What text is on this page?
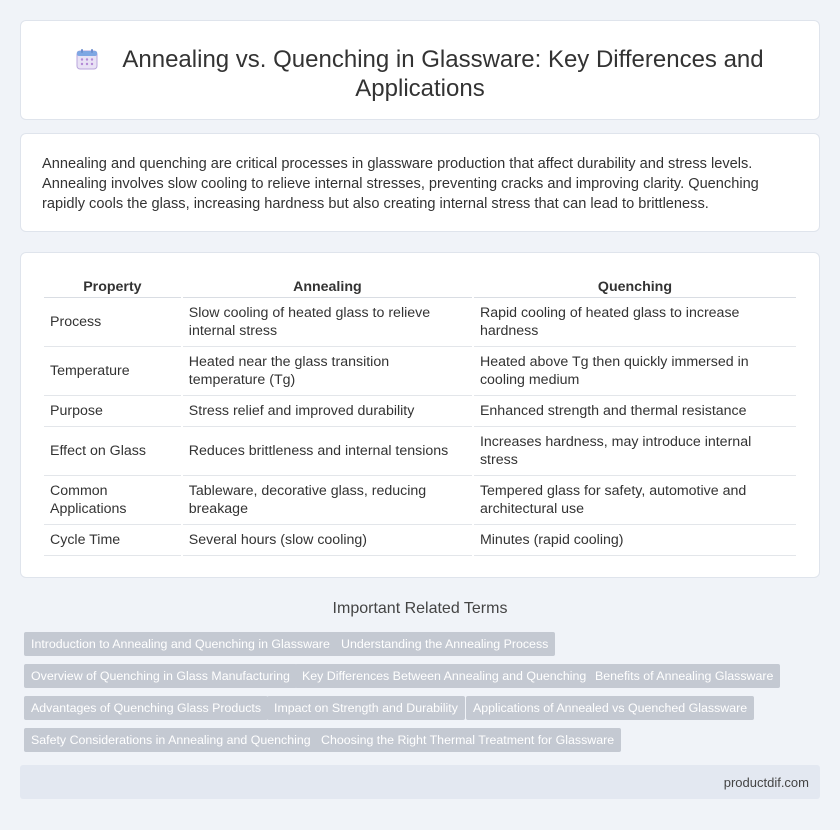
Annealing vs. Quenching in Glassware: Key Differences and Applications

Annealing and quenching are critical processes in glassware production that affect durability and stress levels. Annealing involves slow cooling to relieve internal stresses, preventing cracks and improving clarity. Quenching rapidly cools the glass, increasing hardness but also creating internal stress that can lead to brittleness.

Property	Annealing	Quenching
Process	Slow cooling of heated glass to relieve internal stress	Rapid cooling of heated glass to increase hardness
Temperature	Heated near the glass transition temperature (Tg)	Heated above Tg then quickly immersed in cooling medium
Purpose	Stress relief and improved durability	Enhanced strength and thermal resistance
Effect on Glass	Reduces brittleness and internal tensions	Increases hardness, may introduce internal stress
Common Applications	Tableware, decorative glass, reducing breakage	Tempered glass for safety, automotive and architectural use
Cycle Time	Several hours (slow cooling)	Minutes (rapid cooling)
Important Related Terms
Introduction to Annealing and Quenching in Glassware Understanding the Annealing Process
Overview of Quenching in Glass Manufacturing Key Differences Between Annealing and Quenching Benefits of Annealing Glassware
Advantages of Quenching Glass Products	Impact on Strength and Durability	Applications of Annealed vs Quenched Glassware
Safety Considerations in Annealing and Quenching Choosing the Right Thermal Treatment for Glassware
productdif.com
